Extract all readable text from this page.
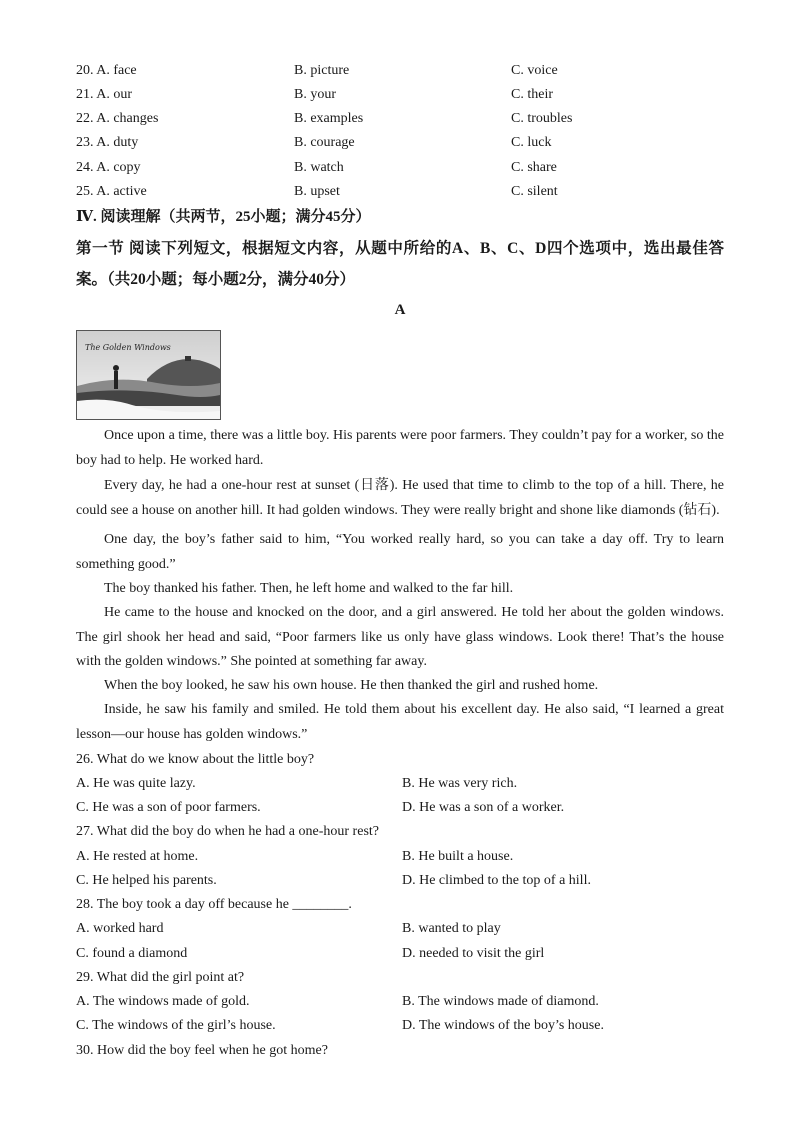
20. A. face	B. picture	C. voice
21. A. our	B. your	C. their
22. A. changes	B. examples	C. troubles
23. A. duty	B. courage	C. luck
24. A. copy	B. watch	C. share
25. A. active	B. upset	C. silent
Ⅳ. 阅读理解（共两节，25小题；满分45分）
第一节 阅读下列短文，根据短文内容，从题中所给的A、B、C、D四个选项中，选出最佳答案。（共20小题；每小题2分，满分40分）
A
The Golden Windows
Once upon a time, there was a little boy. His parents were poor farmers. They couldn’t pay for a worker, so the boy had to help. He worked hard.
Every day, he had a one-hour rest at sunset (日落). He used that time to climb to the top of a hill. There, he could see a house on another hill. It had golden windows. They were really bright and shone like diamonds (钻石).
One day, the boy’s father said to him, “You worked really hard, so you can take a day off. Try to learn something good.”
The boy thanked his father. Then, he left home and walked to the far hill.
He came to the house and knocked on the door, and a girl answered. He told her about the golden windows. The girl shook her head and said, “Poor farmers like us only have glass windows. Look there! That’s the house with the golden windows.” She pointed at something far away.
When the boy looked, he saw his own house. He then thanked the girl and rushed home.
Inside, he saw his family and smiled. He told them about his excellent day. He also said, “I learned a great lesson—our house has golden windows.”
26. What do we know about the little boy?
A. He was quite lazy.	B. He was very rich.
C. He was a son of poor farmers.	D. He was a son of a worker.
27. What did the boy do when he had a one-hour rest?
A. He rested at home.	B. He built a house.
C. He helped his parents.	D. He climbed to the top of a hill.
28. The boy took a day off because he ________.
A. worked hard	B. wanted to play
C. found a diamond	D. needed to visit the girl
29. What did the girl point at?
A. The windows made of gold.	B. The windows made of diamond.
C. The windows of the girl’s house.	D. The windows of the boy’s house.
30. How did the boy feel when he got home?
